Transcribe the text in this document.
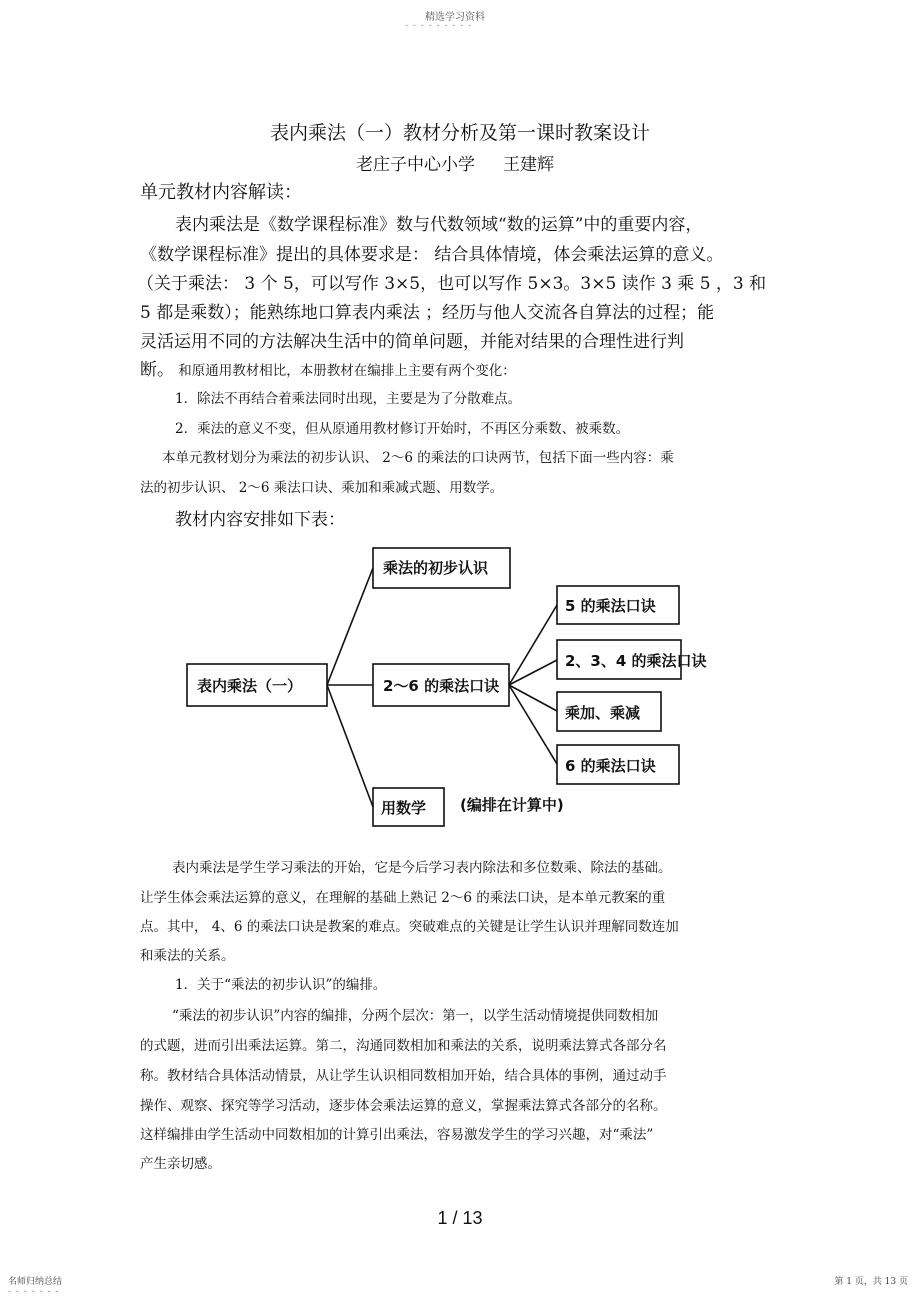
精选学习资料
- - - - - - - - -
表内乘法（一）教材分析及第一课时教案设计
老庄子中心小学 王建辉
单元教材内容解读：
表内乘法是《数学课程标准》数与代数领域“数的运算”中的重要内容，
《数学课程标准》提出的具体要求是： 结合具体情境，体会乘法运算的意义。
（关于乘法： 3 个 5，可以写作 3×5，也可以写作 5×3。3×5 读作 3 乘 5 ，3 和
5 都是乘数）；能熟练地口算表内乘法 ；经历与他人交流各自算法的过程；能
灵活运用不同的方法解决生活中的简单问题，并能对结果的合理性进行判
断。 和原通用教材相比，本册教材在编排上主要有两个变化：
1．除法不再结合着乘法同时出现，主要是为了分散难点。
2．乘法的意义不变，但从原通用教材修订开始时，不再区分乘数、被乘数。
本单元教材划分为乘法的初步认识、 2～6 的乘法的口诀两节，包括下面一些内容：乘
法的初步认识、 2～6 乘法口诀、乘加和乘减式题、用数学。
教材内容安排如下表：
表内乘法（一）
乘法的初步认识
2～6 的乘法口诀
用数学
5 的乘法口诀
2、3、4 的乘法口诀
乘加、乘减
6 的乘法口诀
(编排在计算中)
表内乘法是学生学习乘法的开始，它是今后学习表内除法和多位数乘、除法的基础。
让学生体会乘法运算的意义，在理解的基础上熟记 2～6 的乘法口诀，是本单元教案的重
点。其中， 4、6 的乘法口诀是教案的难点。突破难点的关键是让学生认识并理解同数连加
和乘法的关系。
1．关于“乘法的初步认识”的编排。
“乘法的初步认识”内容的编排，分两个层次：第一，以学生活动情境提供同数相加
的式题，进而引出乘法运算。第二，沟通同数相加和乘法的关系，说明乘法算式各部分名
称。教材结合具体活动情景，从让学生认识相同数相加开始，结合具体的事例，通过动手
操作、观察、探究等学习活动，逐步体会乘法运算的意义，掌握乘法算式各部分的名称。
这样编排由学生活动中同数相加的计算引出乘法，容易激发学生的学习兴趣，对“乘法”
产生亲切感。
1 / 13
名师归纳总结
- - - - - - -
第 1 页，共 13 页
